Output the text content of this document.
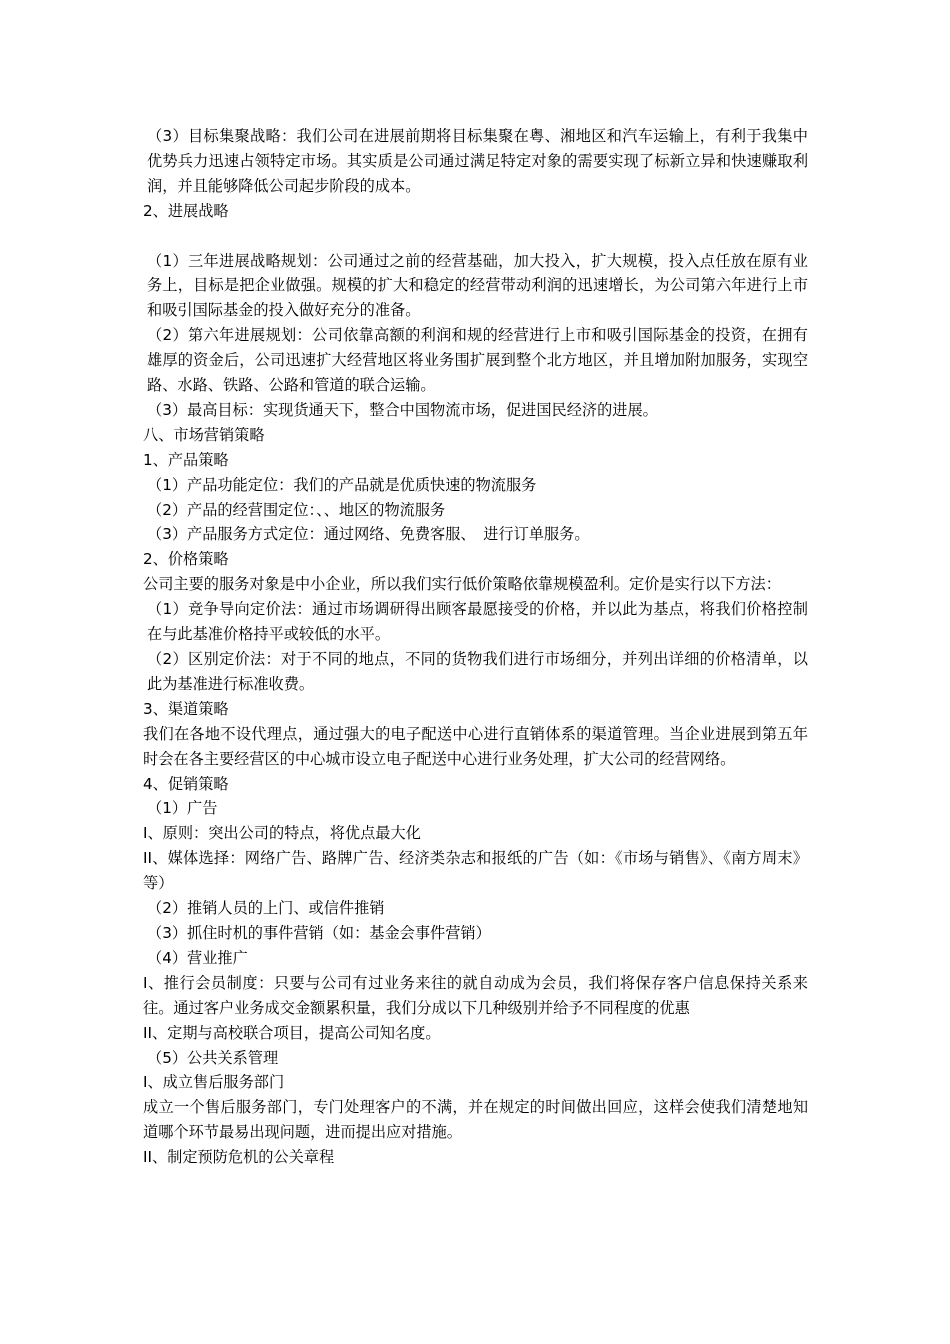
（3）目标集聚战略：我们公司在进展前期将目标集聚在粤、湘地区和汽车运输上，有利于我集中优势兵力迅速占领特定市场。其实质是公司通过满足特定对象的需要实现了标新立异和快速赚取利润，并且能够降低公司起步阶段的成本。

2、进展战略

（1）三年进展战略规划：公司通过之前的经营基础，加大投入，扩大规模，投入点任放在原有业务上，目标是把企业做强。规模的扩大和稳定的经营带动利润的迅速增长，为公司第六年进行上市和吸引国际基金的投入做好充分的准备。

（2）第六年进展规划：公司依靠高额的利润和规的经营进行上市和吸引国际基金的投资，在拥有雄厚的资金后，公司迅速扩大经营地区将业务围扩展到整个北方地区，并且增加附加服务，实现空路、水路、铁路、公路和管道的联合运输。

（3）最高目标：实现货通天下，整合中国物流市场，促进国民经济的进展。

八、市场营销策略

1、产品策略

（1）产品功能定位：我们的产品就是优质快速的物流服务

（2）产品的经营围定位：、、地区的物流服务

（3）产品服务方式定位：通过网络、免费客服、　进行订单服务。

2、价格策略

公司主要的服务对象是中小企业，所以我们实行低价策略依靠规模盈利。定价是实行以下方法：

（1）竞争导向定价法：通过市场调研得出顾客最愿接受的价格，并以此为基点，将我们价格控制在与此基准价格持平或较低的水平。

（2）区别定价法：对于不同的地点，不同的货物我们进行市场细分，并列出详细的价格清单，以此为基准进行标准收费。

3、渠道策略

我们在各地不设代理点，通过强大的电子配送中心进行直销体系的渠道管理。当企业进展到第五年时会在各主要经营区的中心城市设立电子配送中心进行业务处理，扩大公司的经营网络。

4、促销策略

（1）广告

I、原则：突出公司的特点，将优点最大化

II、媒体选择：网络广告、路牌广告、经济类杂志和报纸的广告（如：《市场与销售》、《南方周末》等）

（2）推销人员的上门、或信件推销

（3）抓住时机的事件营销（如：基金会事件营销）

（4）营业推广

I、推行会员制度：只要与公司有过业务来往的就自动成为会员，我们将保存客户信息保持关系来往。通过客户业务成交金额累积量，我们分成以下几种级别并给予不同程度的优惠

II、定期与高校联合项目，提高公司知名度。

（5）公共关系管理

I、成立售后服务部门

成立一个售后服务部门，专门处理客户的不满，并在规定的时间做出回应，这样会使我们清楚地知道哪个环节最易出现问题，进而提出应对措施。

II、制定预防危机的公关章程
